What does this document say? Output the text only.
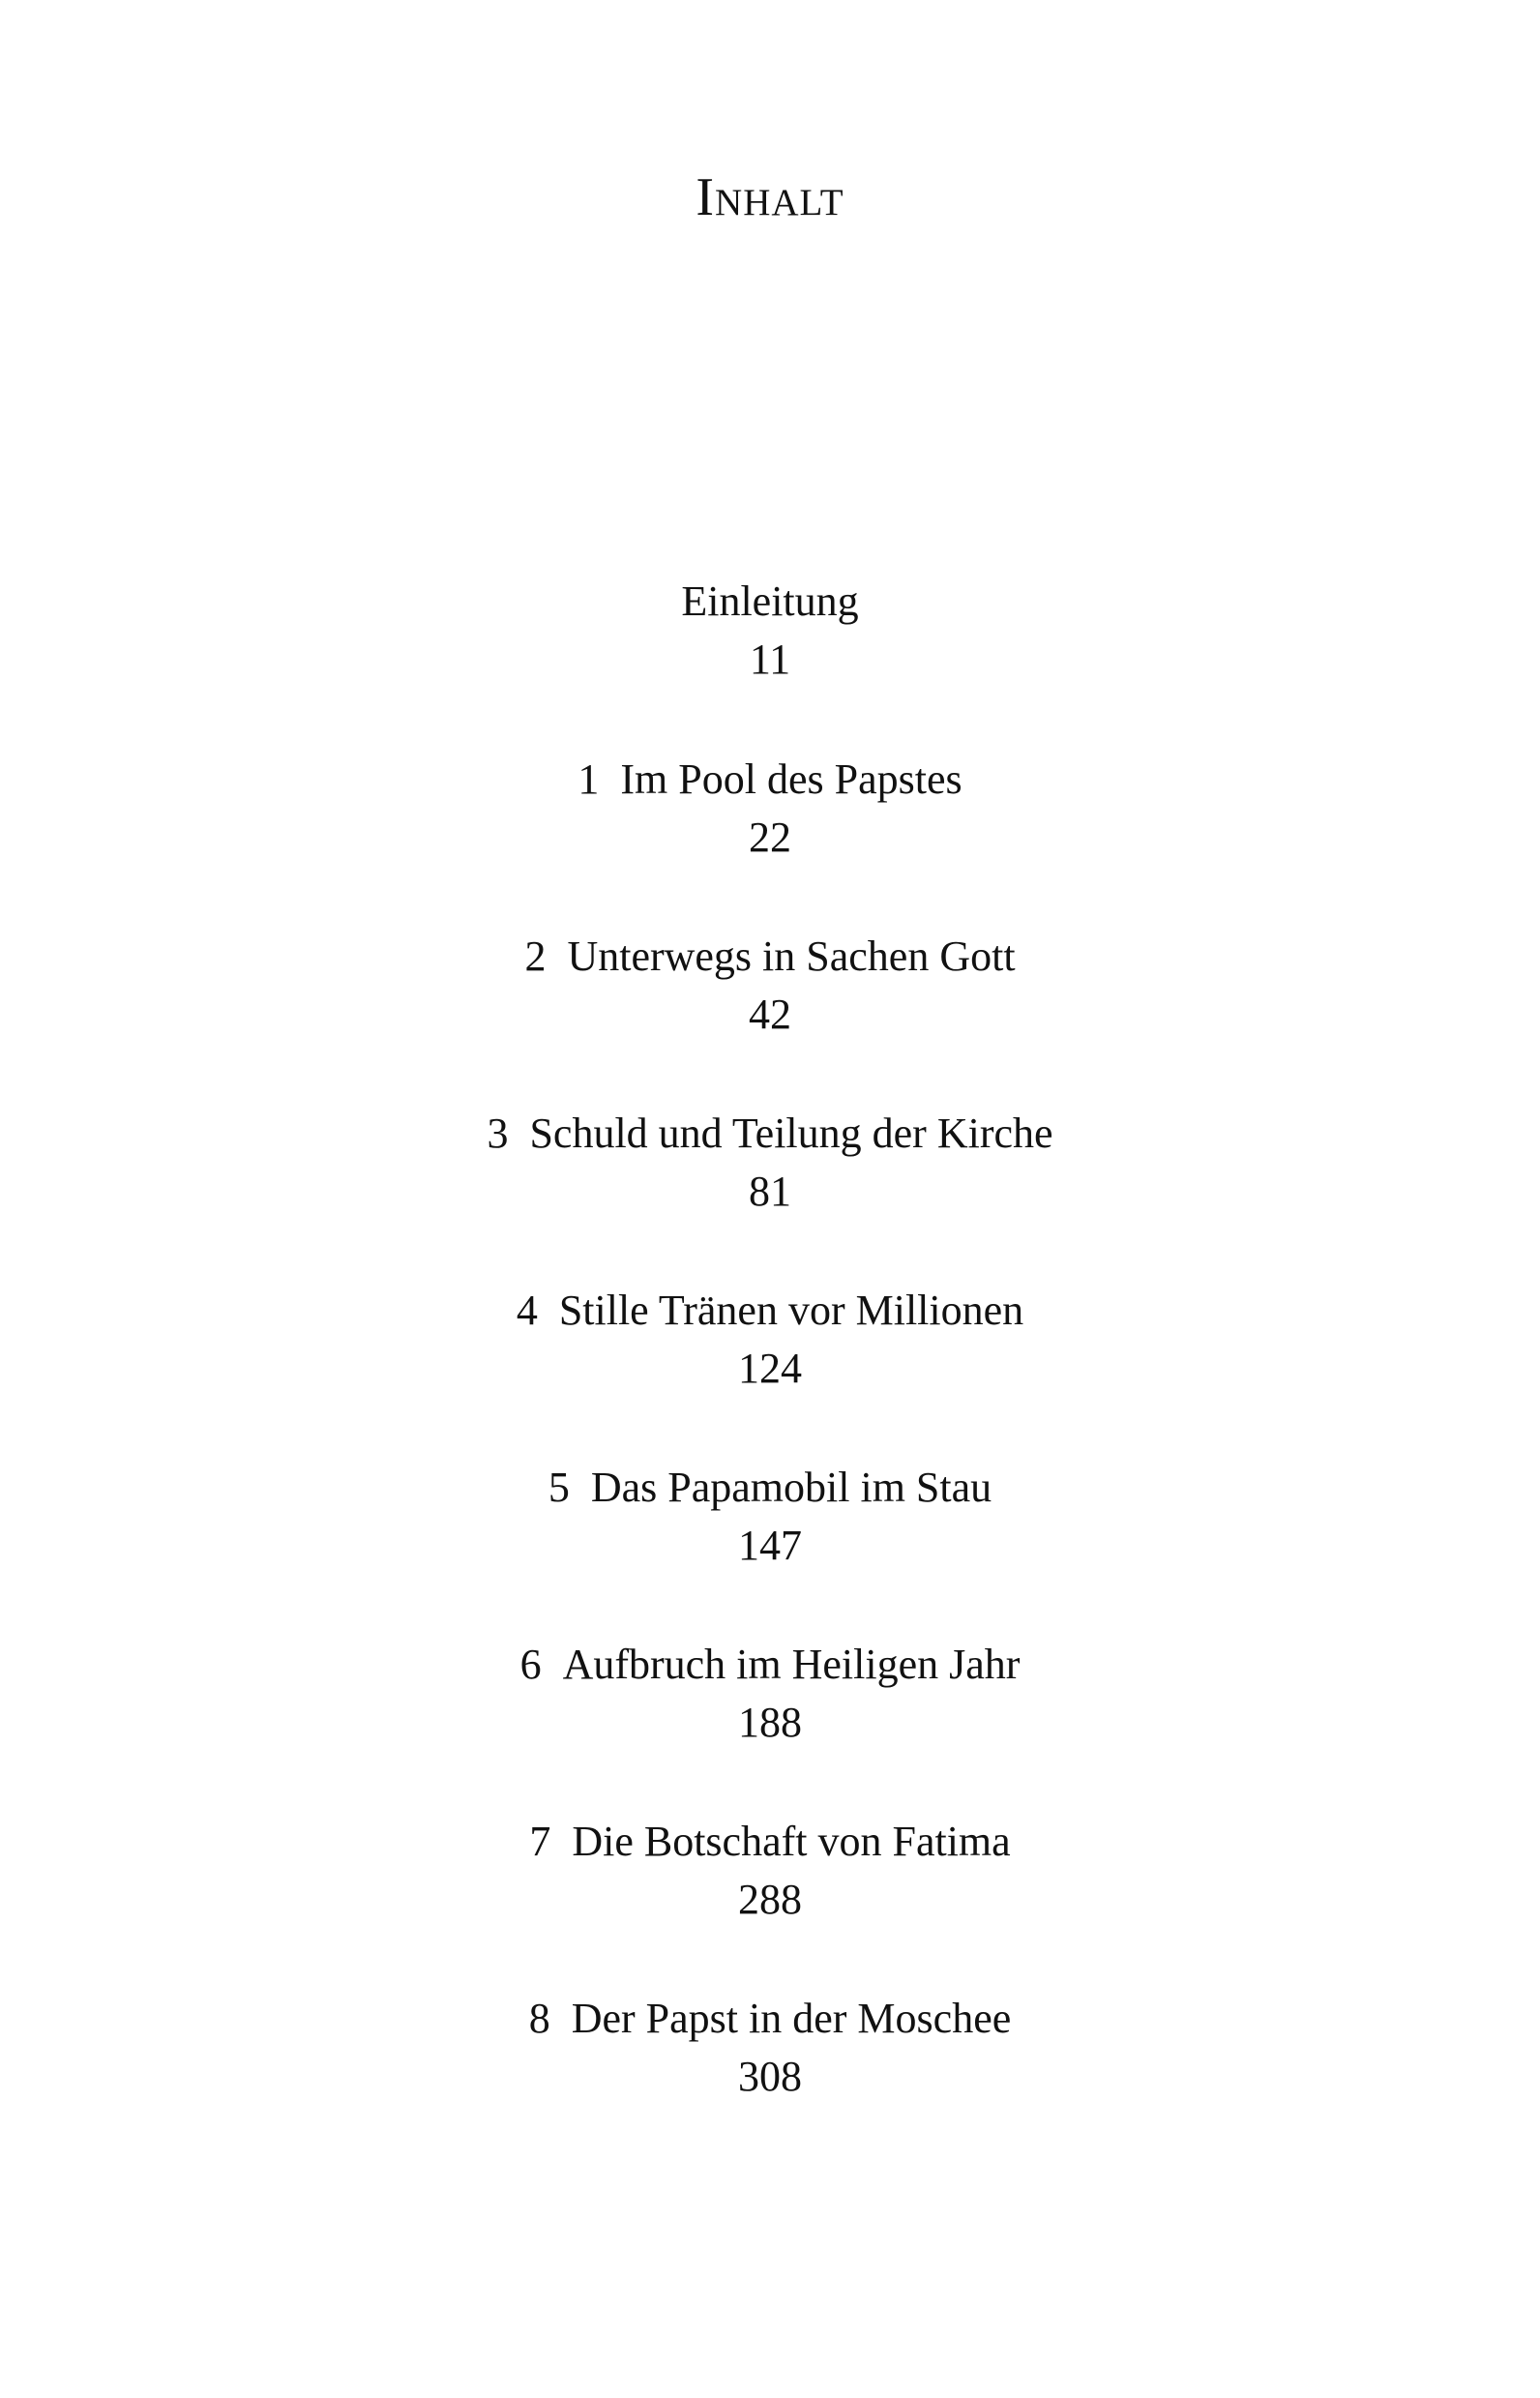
Inhalt
Einleitung
11
1 Im Pool des Papstes
22
2 Unterwegs in Sachen Gott
42
3 Schuld und Teilung der Kirche
81
4 Stille Tränen vor Millionen
124
5 Das Papamobil im Stau
147
6 Aufbruch im Heiligen Jahr
188
7 Die Botschaft von Fatima
288
8 Der Papst in der Moschee
308
